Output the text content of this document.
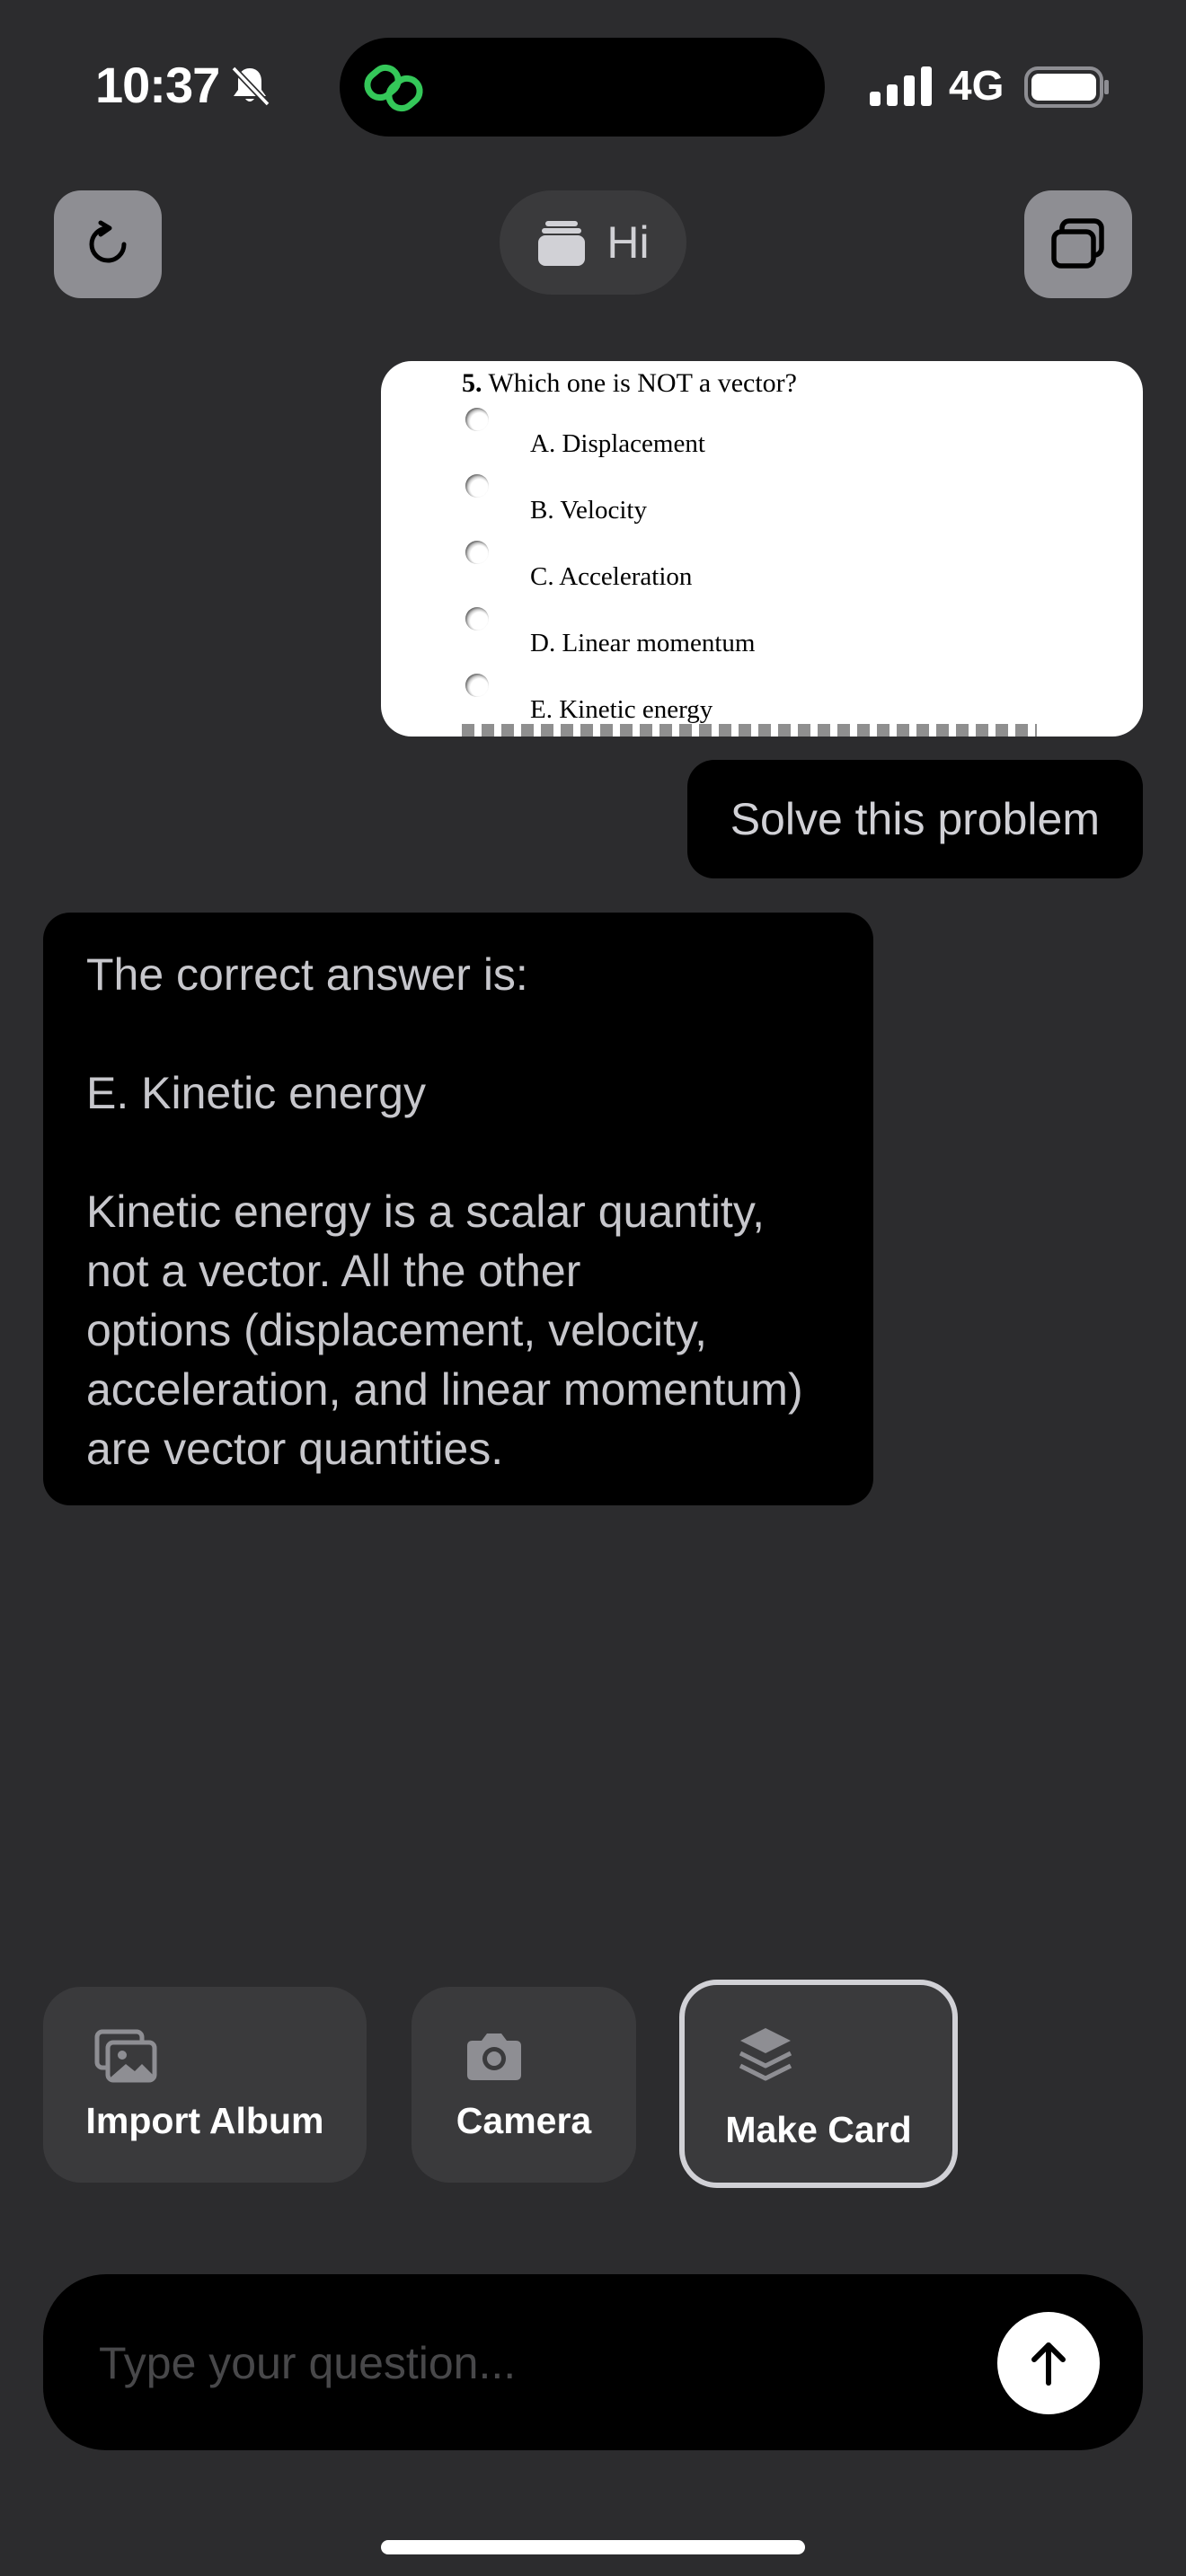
10:37	4G
Hi
5. Which one is NOT a vector?
A. Displacement
B. Velocity
C. Acceleration
D. Linear momentum
E. Kinetic energy
Solve this problem

The correct answer is:

E. Kinetic energy

Kinetic energy is a scalar quantity,

not a vector. All the other

options (displacement, velocity,

acceleration, and linear momentum)

are vector quantities.

Import Album	Camera	Make Card
Type your question...
